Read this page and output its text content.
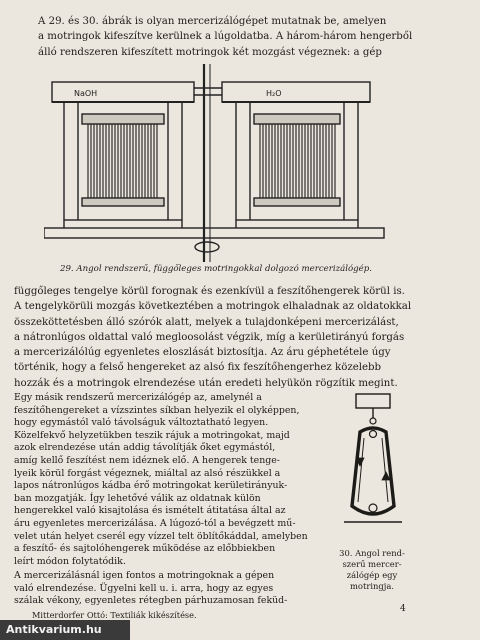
A 29. és 30. ábrák is olyan mercerizálógépet mutatnak be, amelyen
a motringok kifeszítve kerülnek a lúgoldatba. A három-három hengerből
álló rendszeren kifeszített motringok két mozgást végeznek: a gép
NaOH	H₂O
29. Angol rendszerű, függőleges motringokkal dolgozó mercerizálógép.
függőleges tengelye körül forognak és ezenkívül a feszítőhengerek körül is.
A tengelykörüli mozgás következtében a motringok elhaladnak az oldatokkal
összeköttetésben álló szórók alatt, melyek a tulajdonképeni mercerizálást,
a nátronlúgos oldattal való megloosolást végzik, míg a kerületirányú forgás
a mercerizálólúg egyenletes eloszlását biztosítja. Az áru géphetétele úgy
történik, hogy a felső hengereket az alsó fix feszítőhengerhez közelebb
hozzák és a motringok elrendezése után eredeti helyükön rögzítik megint.
Egy másik rendszerű mercerizálógép az, amelynél a
feszítőhengereket a vízszintes síkban helyezik el olyképpen,
hogy egymástól való távolságuk változtatható legyen.
Közelfekvő helyzetükben teszik rájuk a motringokat, majd
azok elrendezése után addig távolítják őket egymástól,
amíg kellő feszítést nem idéznek elő. A hengerek tenge-
lyeik körül forgást végeznek, miáltal az alsó részükkel a
lapos nátronlúgos kádba érő motringokat kerületirányuk-
ban mozgatják. Így lehetővé válik az oldatnak külön
hengerekkel való kisajtolása és ismételt átitatása által az
áru egyenletes mercerizálása. A lúgozó-tól a bevégzett mű-
velet után helyet cserél egy vízzel telt öblítőkáddal, amelyben
a feszítő- és sajtolóhengerek működése az előbbiekben
leírt módon folytatódik.
30. Angol rend-
szerű mercer-
zálógép egy
motringja.
A mercerizálásnál igen fontos a motringoknak a gépen
való elrendezése. Ügyelni kell u. i. arra, hogy az egyes
szálak vékony, egyenletes rétegben párhuzamosan feküd-
Mitterdorfer Ottó: Textiliák kikészítése.
4
Antikvarium.hu
